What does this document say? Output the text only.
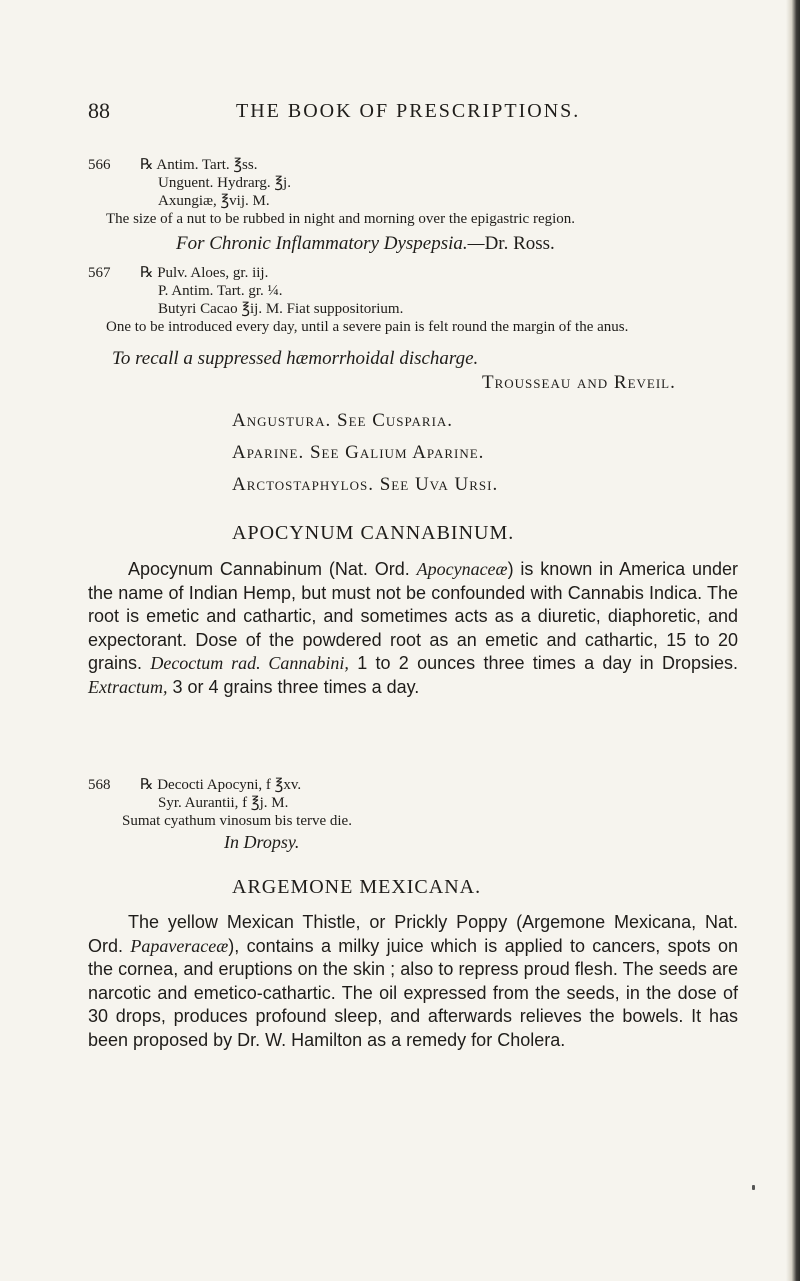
88	THE BOOK OF PRESCRIPTIONS.
566 ℞ Antim. Tart. ℥ss.
Unguent. Hydrarg. ℥j.
Axungiæ, ℥vij. M.
The size of a nut to be rubbed in night and morning over the epigastric region.
For Chronic Inflammatory Dyspepsia.—Dr. Ross.
567 ℞ Pulv. Aloes, gr. iij.
P. Antim. Tart. gr. ¼.
Butyri Cacao ℥ij. M. Fiat suppositorium.
One to be introduced every day, until a severe pain is felt round the margin of the anus.
To recall a suppressed hæmorrhoidal discharge.
Trousseau and Reveil.
Angustura. See Cusparia.
Aparine. See Galium Aparine.
Arctostaphylos. See Uva Ursi.
APOCYNUM CANNABINUM.
Apocynum Cannabinum (Nat. Ord. Apocynaceæ) is known in America under the name of Indian Hemp, but must not be confounded with Cannabis Indica. The root is emetic and cathartic, and sometimes acts as a diuretic, diaphoretic, and expectorant. Dose of the powdered root as an emetic and cathartic, 15 to 20 grains. Decoctum rad. Cannabini, 1 to 2 ounces three times a day in Dropsies. Extractum, 3 or 4 grains three times a day.
568 ℞ Decocti Apocyni, f ℥xv.
Syr. Aurantii, f ℥j. M.
Sumat cyathum vinosum bis terve die.
In Dropsy.
ARGEMONE MEXICANA.
The yellow Mexican Thistle, or Prickly Poppy (Argemone Mexicana, Nat. Ord. Papaveraceæ), contains a milky juice which is applied to cancers, spots on the cornea, and eruptions on the skin ; also to repress proud flesh. The seeds are narcotic and emetico-cathartic. The oil expressed from the seeds, in the dose of 30 drops, produces profound sleep, and afterwards relieves the bowels. It has been proposed by Dr. W. Hamilton as a remedy for Cholera.
